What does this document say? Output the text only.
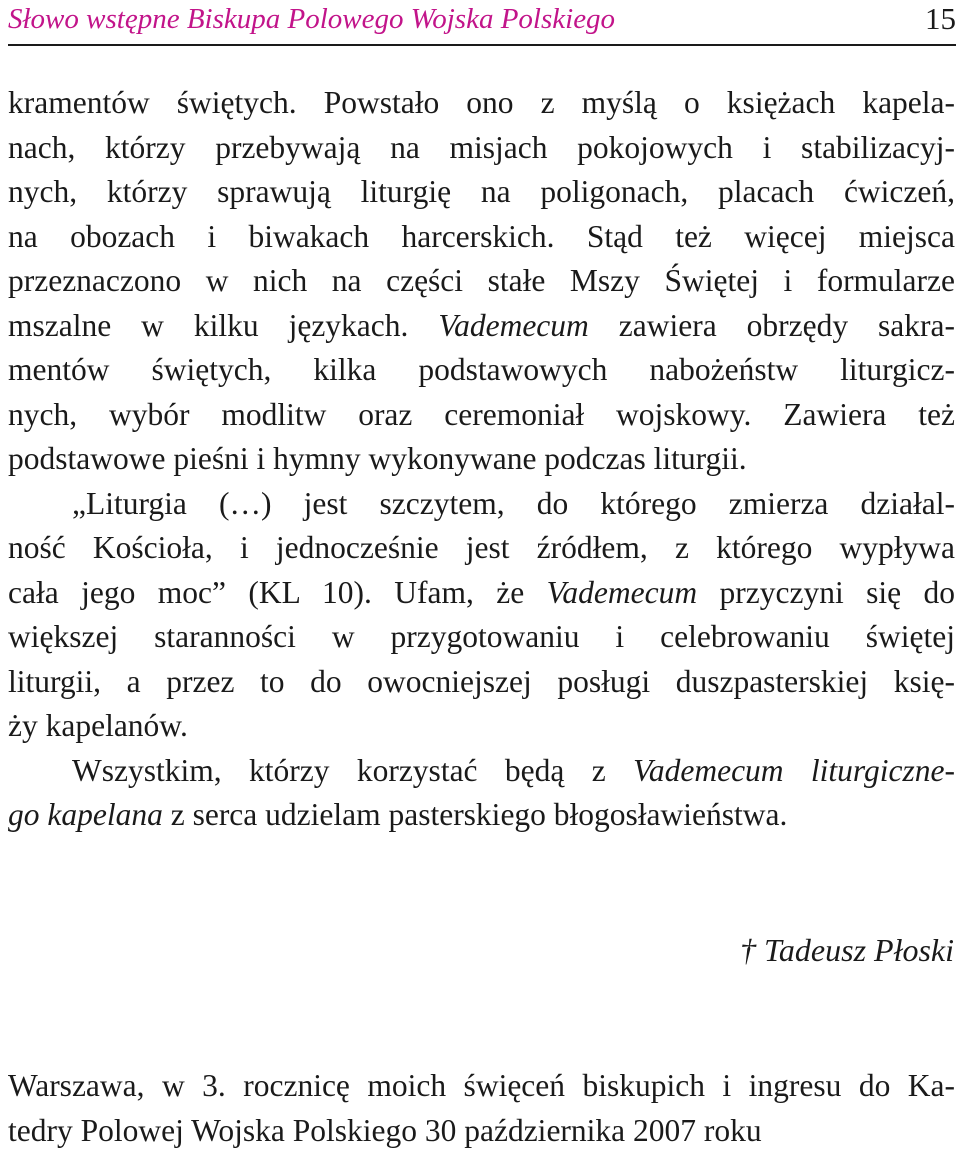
Słowo wstępne Biskupa Polowego Wojska Polskiego	15

kramentów świętych. Powstało ono z myślą o księżach kapela-
nach, którzy przebywają na misjach pokojowych i stabilizacyj-
nych, którzy sprawują liturgię na poligonach, placach ćwiczeń,
na obozach i biwakach harcerskich. Stąd też więcej miejsca
przeznaczono w nich na części stałe Mszy Świętej i formularze
mszalne w kilku językach. Vademecum zawiera obrzędy sakra-
mentów świętych, kilka podstawowych nabożeństw liturgicz-
nych, wybór modlitw oraz ceremoniał wojskowy. Zawiera też
podstawowe pieśni i hymny wykonywane podczas liturgii.

„Liturgia (…) jest szczytem, do którego zmierza działal-
ność Kościoła, i jednocześnie jest źródłem, z którego wypływa
cała jego moc” (KL 10). Ufam, że Vademecum przyczyni się do
większej staranności w przygotowaniu i celebrowaniu świętej
liturgii, a przez to do owocniejszej posługi duszpasterskiej księ-
ży kapelanów.

Wszystkim, którzy korzystać będą z Vademecum liturgiczne-
go kapelana z serca udzielam pasterskiego błogosławieństwa.

† Tadeusz Płoski
Warszawa, w 3. rocznicę moich święceń biskupich i ingresu do Ka-
tedry Polowej Wojska Polskiego 30 października 2007 roku
